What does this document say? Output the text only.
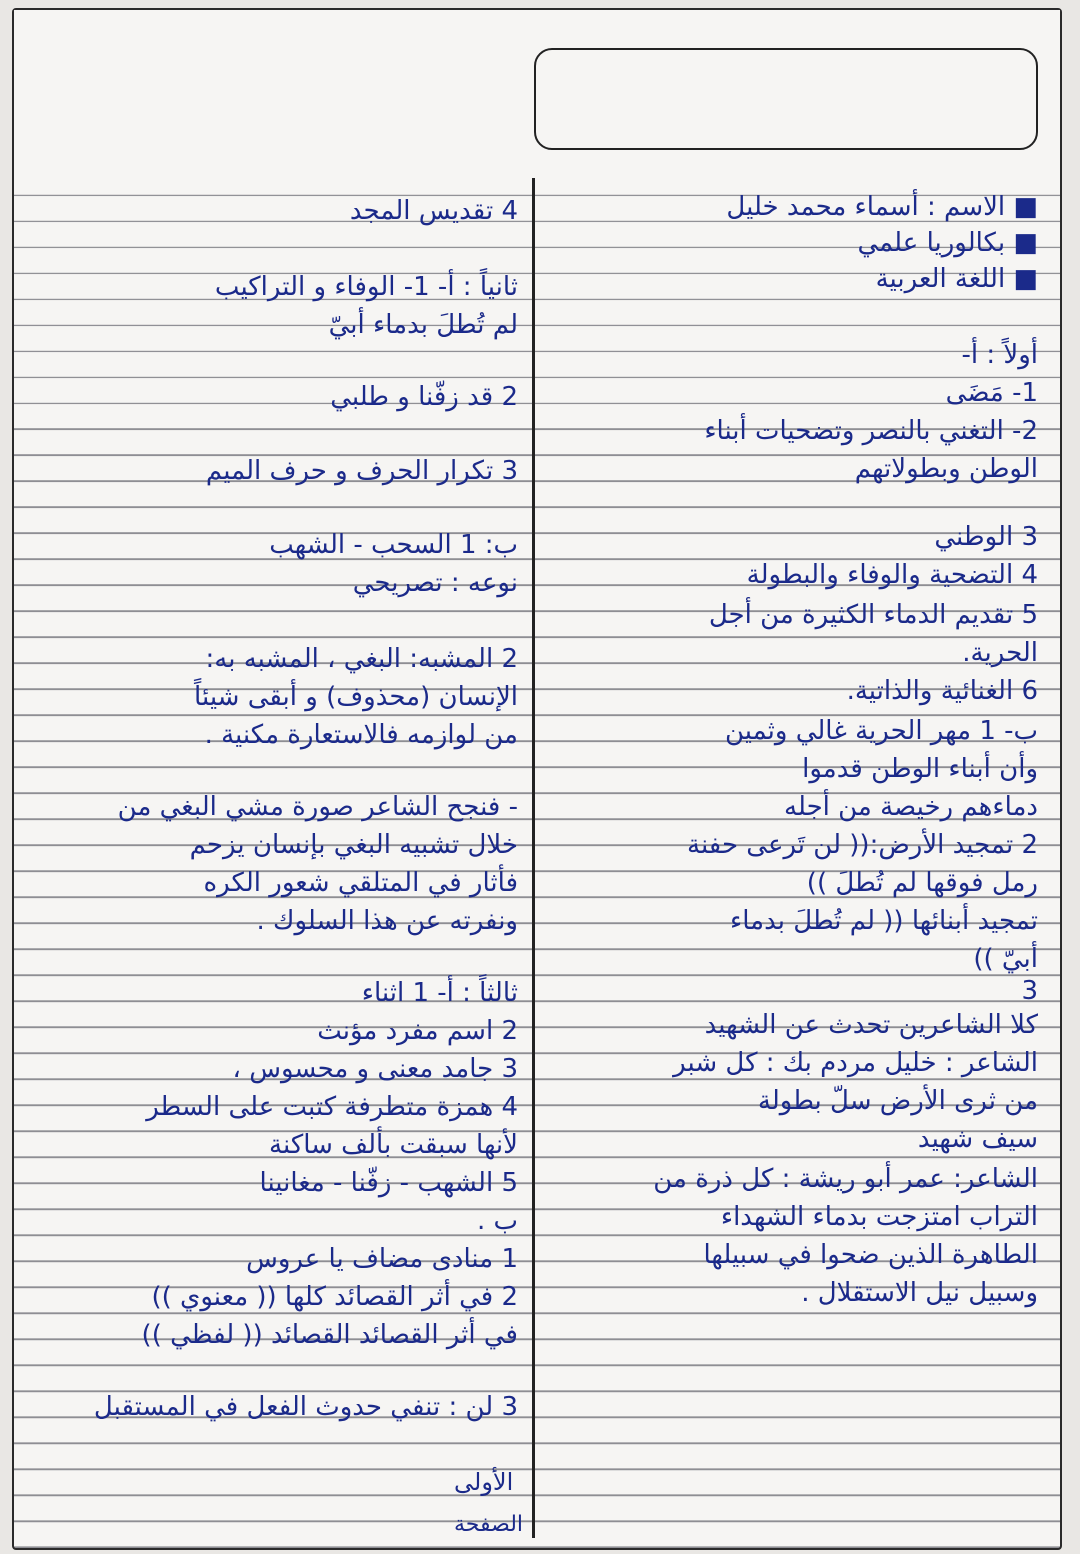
■ الاسم : أسماء محمد خليل
■ بكالوريا علمي
■ اللغة العربية
أولاً : أ-
1- مَضَى
2- التغني بالنصر وتضحيات أبناء
الوطن وبطولاتهم
3 الوطني
4 التضحية والوفاء والبطولة
5 تقديم الدماء الكثيرة من أجل
الحرية.
6 الغنائية والذاتية.
ب- 1 مهر الحرية غالي وثمين
وأن أبناء الوطن قدموا
دماءهم رخيصة من أجله
2 تمجيد الأرض:(( لن تَرعى حفنة
رمل فوقها لم تُطلَ ))
تمجيد أبنائها (( لم تُطلَ بدماء
أبيّ ))
3
كلا الشاعرين تحدث عن الشهيد
الشاعر : خليل مردم بك : كل شبر
من ثرى الأرض سلّ بطولة
سيف شهيد
الشاعر: عمر أبو ريشة : كل ذرة من
التراب امتزجت بدماء الشهداء
الطاهرة الذين ضحوا في سبيلها
وسبيل نيل الاستقلال .
4 تقديس المجد
ثانياً : أ- 1- الوفاء و التراكيب
لم تُطلَ بدماء أبيّ
2 قد زفّنا و طلبي
3 تكرار الحرف و حرف الميم
ب: 1 السحب - الشهب
نوعه : تصريحي
2 المشبه: البغي ، المشبه به:
الإنسان (محذوف) و أبقى شيئاً
من لوازمه فالاستعارة مكنية .
- فنجح الشاعر صورة مشي البغي من
خلال تشبيه البغي بإنسان يزحم
فأثار في المتلقي شعور الكره
ونفرته عن هذا السلوك .
ثالثاً : أ- 1 اثناء
2 اسم مفرد مؤنث
3 جامد معنى و محسوس ،
4 همزة متطرفة كتبت على السطر
لأنها سبقت بألف ساكنة
5 الشهب - زفّنا - مغانينا
ب .
1 منادى مضاف يا عروس
2 في أثر القصائد كلها (( معنوي ))
في أثر القصائد القصائد (( لفظي ))
3 لن : تنفي حدوث الفعل في المستقبل
الأولى
الصفحة
